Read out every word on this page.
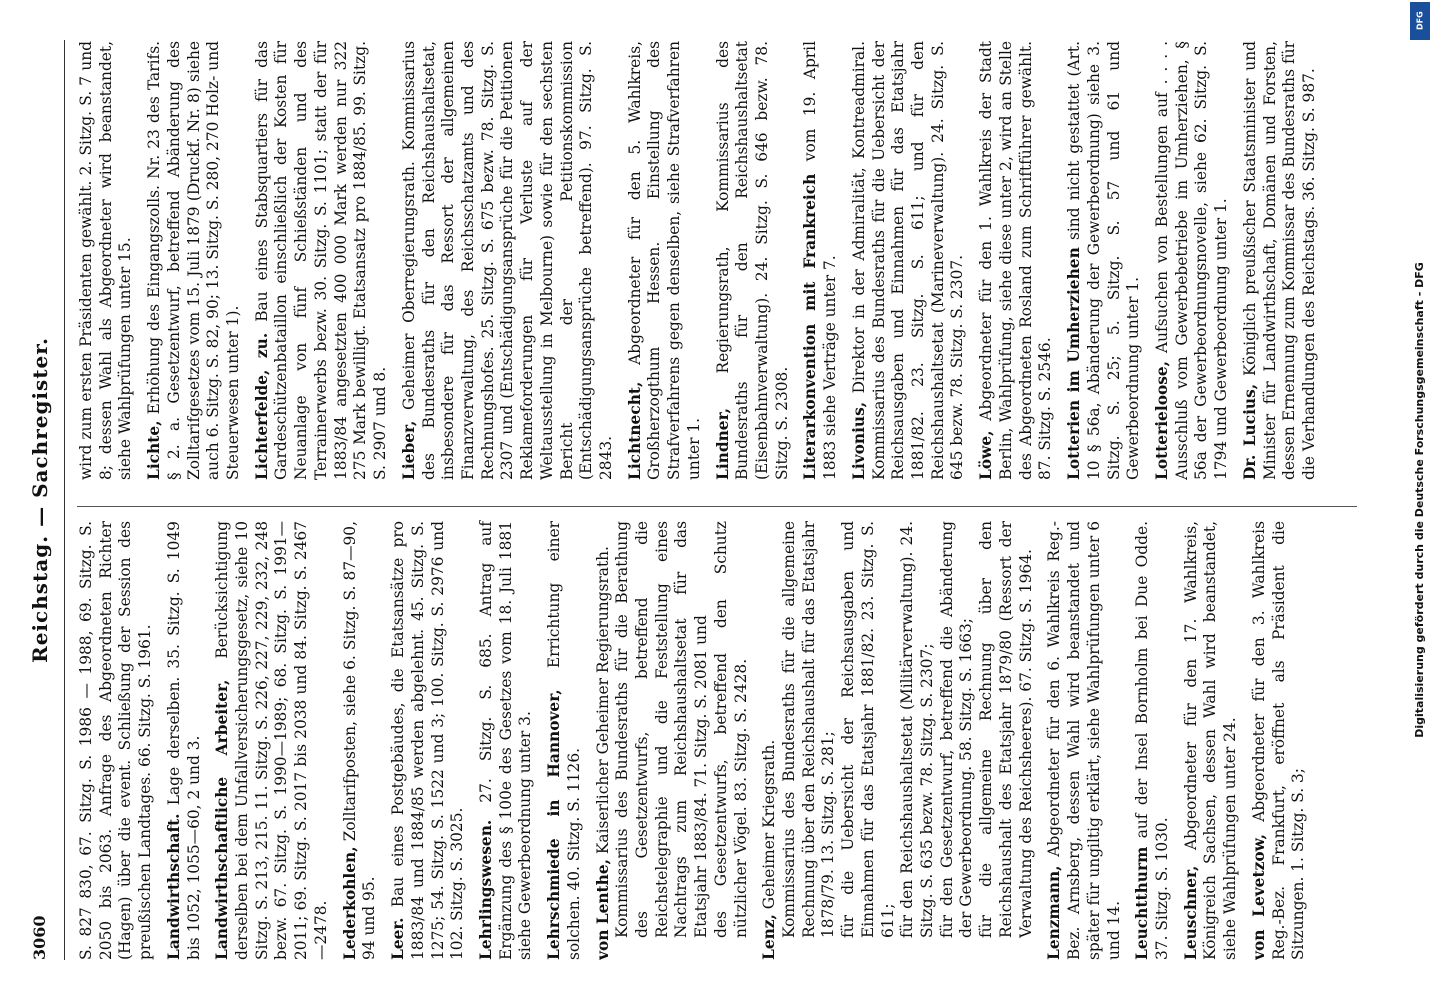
3060
Reichstag. — Sachregister.
S. 827 830, 67. Sitzg. S. 1986 — 1988, 69. Sitzg. S. 2050 bis 2063. Anfrage des Abgeordneten Richter (Hagen) über die event. Schließung der Session des preußischen Landtages. 66. Sitzg. S. 1961. Landwirthschaft. Lage derselben. 35. Sitzg. S. 1049 bis 1052, 1055—60, 2 und 3. Landwirthschaftliche Arbeiter, Berücksichtigung derselben bei dem Unfallversicherungsgesetz, siehe 10 Sitzg. S. 213, 215. 11. Sitzg. S. 226, 227, 229, 232, 248 bezw. 67. Sitzg. S. 1990—1989; 68. Sitzg. S. 1991—2011; 69. Sitzg. S. 2017 bis 2038 und 84. Sitzg. S. 2467—2478. Lederkohlen, Zolltarifposten, siehe 6. Sitzg. S. 87—90, 94 und 95. Leer. Bau eines Postgebäudes, die Etatsansätze pro 1883/84 und 1884/85 werden abgelehnt. 45. Sitzg. S. 1275; 54. Sitzg. S. 1522 und 3; 100. Sitzg. S. 2976 und 102. Sitzg. S. 3025. Lehrlingswesen. 27. Sitzg. S. 685. Antrag auf Ergänzung des § 100e des Gesetzes vom 18. Juli 1881 siehe Gewerbeordnung unter 3. Lehrschmiede in Hannover, Errichtung einer solchen. 40. Sitzg. S. 1126. von Lenthe, Kaiserlicher Geheimer Regierungsrath. Kommissarius des Bundesraths für die Berathung des Gesetzentwurfs, betreffend die Reichstelegraphie und die Feststellung eines Nachtrags zum Reichshaushaltsetat für das Etatsjahr 1883/84. 71. Sitzg. S. 2081 und des Gesetzentwurfs, betreffend den Schutz nützlicher Vögel. 83. Sitzg. S. 2428. Lenz, Geheimer Kriegsrath. Kommissarius des Bundesraths für die allgemeine Rechnung über den Reichshaushalt für das Etatsjahr 1878/79. 13. Sitzg. S. 281; für die Uebersicht der Reichsausgaben und Einnahmen für das Etatsjahr 1881/82. 23. Sitzg. S. 611; für den Reichshaushaltsetat (Militärverwaltung). 24. Sitzg. S. 635 bezw. 78. Sitzg. S. 2307; für den Gesetzentwurf, betreffend die Abänderung der Gewerbeordnung. 58. Sitzg. S. 1663; für die allgemeine Rechnung über den Reichshaushalt des Etatsjahr 1879/80 (Ressort der Verwaltung des Reichsheeres). 67. Sitzg. S. 1964. Lenzmann, Abgeordneter für den 6. Wahlkreis Reg.-Bez. Arnsberg, dessen Wahl wird beanstandet und später für ungiltig erklärt, siehe Wahlprüfungen unter 6 und 14. Leuchtthurm auf der Insel Bornholm bei Due Odde. 37. Sitzg. S. 1030. Leuschner, Abgeordneter für den 17. Wahlkreis, Königreich Sachsen, dessen Wahl wird beanstandet, siehe Wahlprüfungen unter 24. von Levetzow, Abgeordneter für den 3. Wahlkreis Reg.-Bez. Frankfurt, eröffnet als Präsident die Sitzungen. 1. Sitzg. S. 3;
wird zum ersten Präsidenten gewählt. 2. Sitzg. S. 7 und 8; dessen Wahl als Abgeordneter wird beanstandet, siehe Wahlprüfungen unter 15. Lichte, Erhöhung des Eingangszolls. Nr. 23 des Tarifs. § 2. a. Gesetzentwurf, betreffend Abänderung des Zolltarifgesetzes vom 15. Juli 1879 (Druckf. Nr. 8) siehe auch 6. Sitzg. S. 82, 90; 13. Sitzg. S. 280, 270 Holz- und Steuerwesen unter 1). Lichterfelde, zu. Bau eines Stabsquartiers für das Gardeschützenbataillon einschließlich der Kosten für Neuanlage von fünf Schießständen und des Terrainerwerbs bezw. 30. Sitzg. S. 1101; statt der für 1883/84 angesetzten 400 000 Mark werden nur 322 275 Mark bewilligt. Etatsansatz pro 1884/85. 99. Sitzg. S. 2907 und 8. Lieber, Geheimer Oberregierungsrath. Kommissarius des Bundesraths für den Reichshaushaltsetat, insbesondere für das Ressort der allgemeinen Finanzverwaltung, des Reichsschatzamts und des Rechnungshofes. 25. Sitzg. S. 675 bezw. 78. Sitzg. S. 2307 und (Entschädigungsansprüche für die Petitionen Reklameforderungen für Verluste auf der Weltausstellung in Melbourne) sowie für den sechsten Bericht der Petitionskommission (Entschädigungsansprüche betreffend). 97. Sitzg. S. 2843. Lichtnecht, Abgeordneter für den 5. Wahlkreis, Großherzogthum Hessen. Einstellung des Strafverfahrens gegen denselben, siehe Strafverfahren unter 1. Lindner, Regierungsrath, Kommissarius des Bundesraths für den Reichshaushaltsetat (Eisenbahnverwaltung). 24. Sitzg. S. 646 bezw. 78. Sitzg. S. 2308. Literarkonvention mit Frankreich vom 19. April 1883 siehe Verträge unter 7. Livonius, Direktor in der Admiralität, Kontreadmiral. Kommissarius des Bundesraths für die Uebersicht der Reichsausgaben und Einnahmen für das Etatsjahr 1881/82. 23. Sitzg. S. 611; und für den Reichshaushaltsetat (Marineverwaltung). 24. Sitzg. S. 645 bezw. 78. Sitzg. S. 2307. Löwe, Abgeordneter für den 1. Wahlkreis der Stadt Berlin, Wahlprüfung, siehe diese unter 2, wird an Stelle des Abgeordneten Rosland zum Schriftführer gewählt. 87. Sitzg. S. 2546. Lotterien im Umherziehen sind nicht gestattet (Art. 10 § 56a, Abänderung der Gewerbeordnung) siehe 3. Sitzg. S. 25; 5. Sitzg. S. 57 und 61 und Gewerbeordnung unter 1. Lotterieloose, Aufsuchen von Bestellungen auf . . . . Ausschluß vom Gewerbebetriebe im Umherziehen, § 56a der Gewerbeordnungsnovelle, siehe 62. Sitzg. S. 1794 und Gewerbeordnung unter 1. Dr. Lucius, Königlich preußischer Staatsminister und Minister für Landwirthschaft, Domänen und Forsten, dessen Ernennung zum Kommissar des Bundesraths für die Verhandlungen des Reichstags. 36. Sitzg. S. 987.	Digitalisierung gefördert durch die Deutsche Forschungsgemeinschaft - DFG
DFG
